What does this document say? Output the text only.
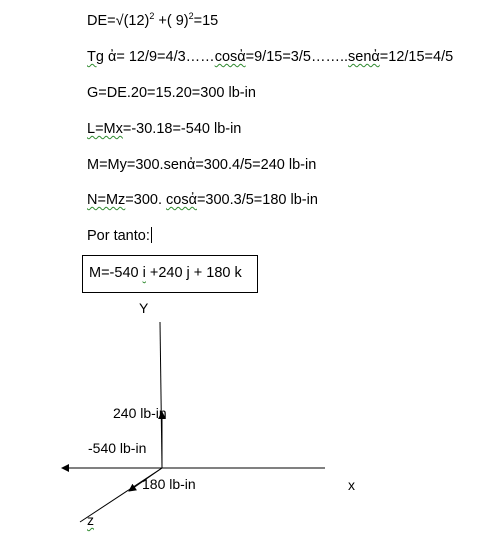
$DE=√(12)^2$ +( 9)$^2$=15
Tg ἀ= 12/9=4/3……cosἀ=9/15=3/5……..senἀ=12/15=4/5
G=DE.20=15.20=300 lb-in
L=Mx=-30.18=-540 lb-in
M=My=300.senἀ=300.4/5=240 lb-in
N=Mz=300. cosἀ=300.3/5=180 lb-in
Por tanto:
M=-540 i +240 j + 180 k
Y
x
z
240 lb-in
-540 lb-in
180 lb-in
